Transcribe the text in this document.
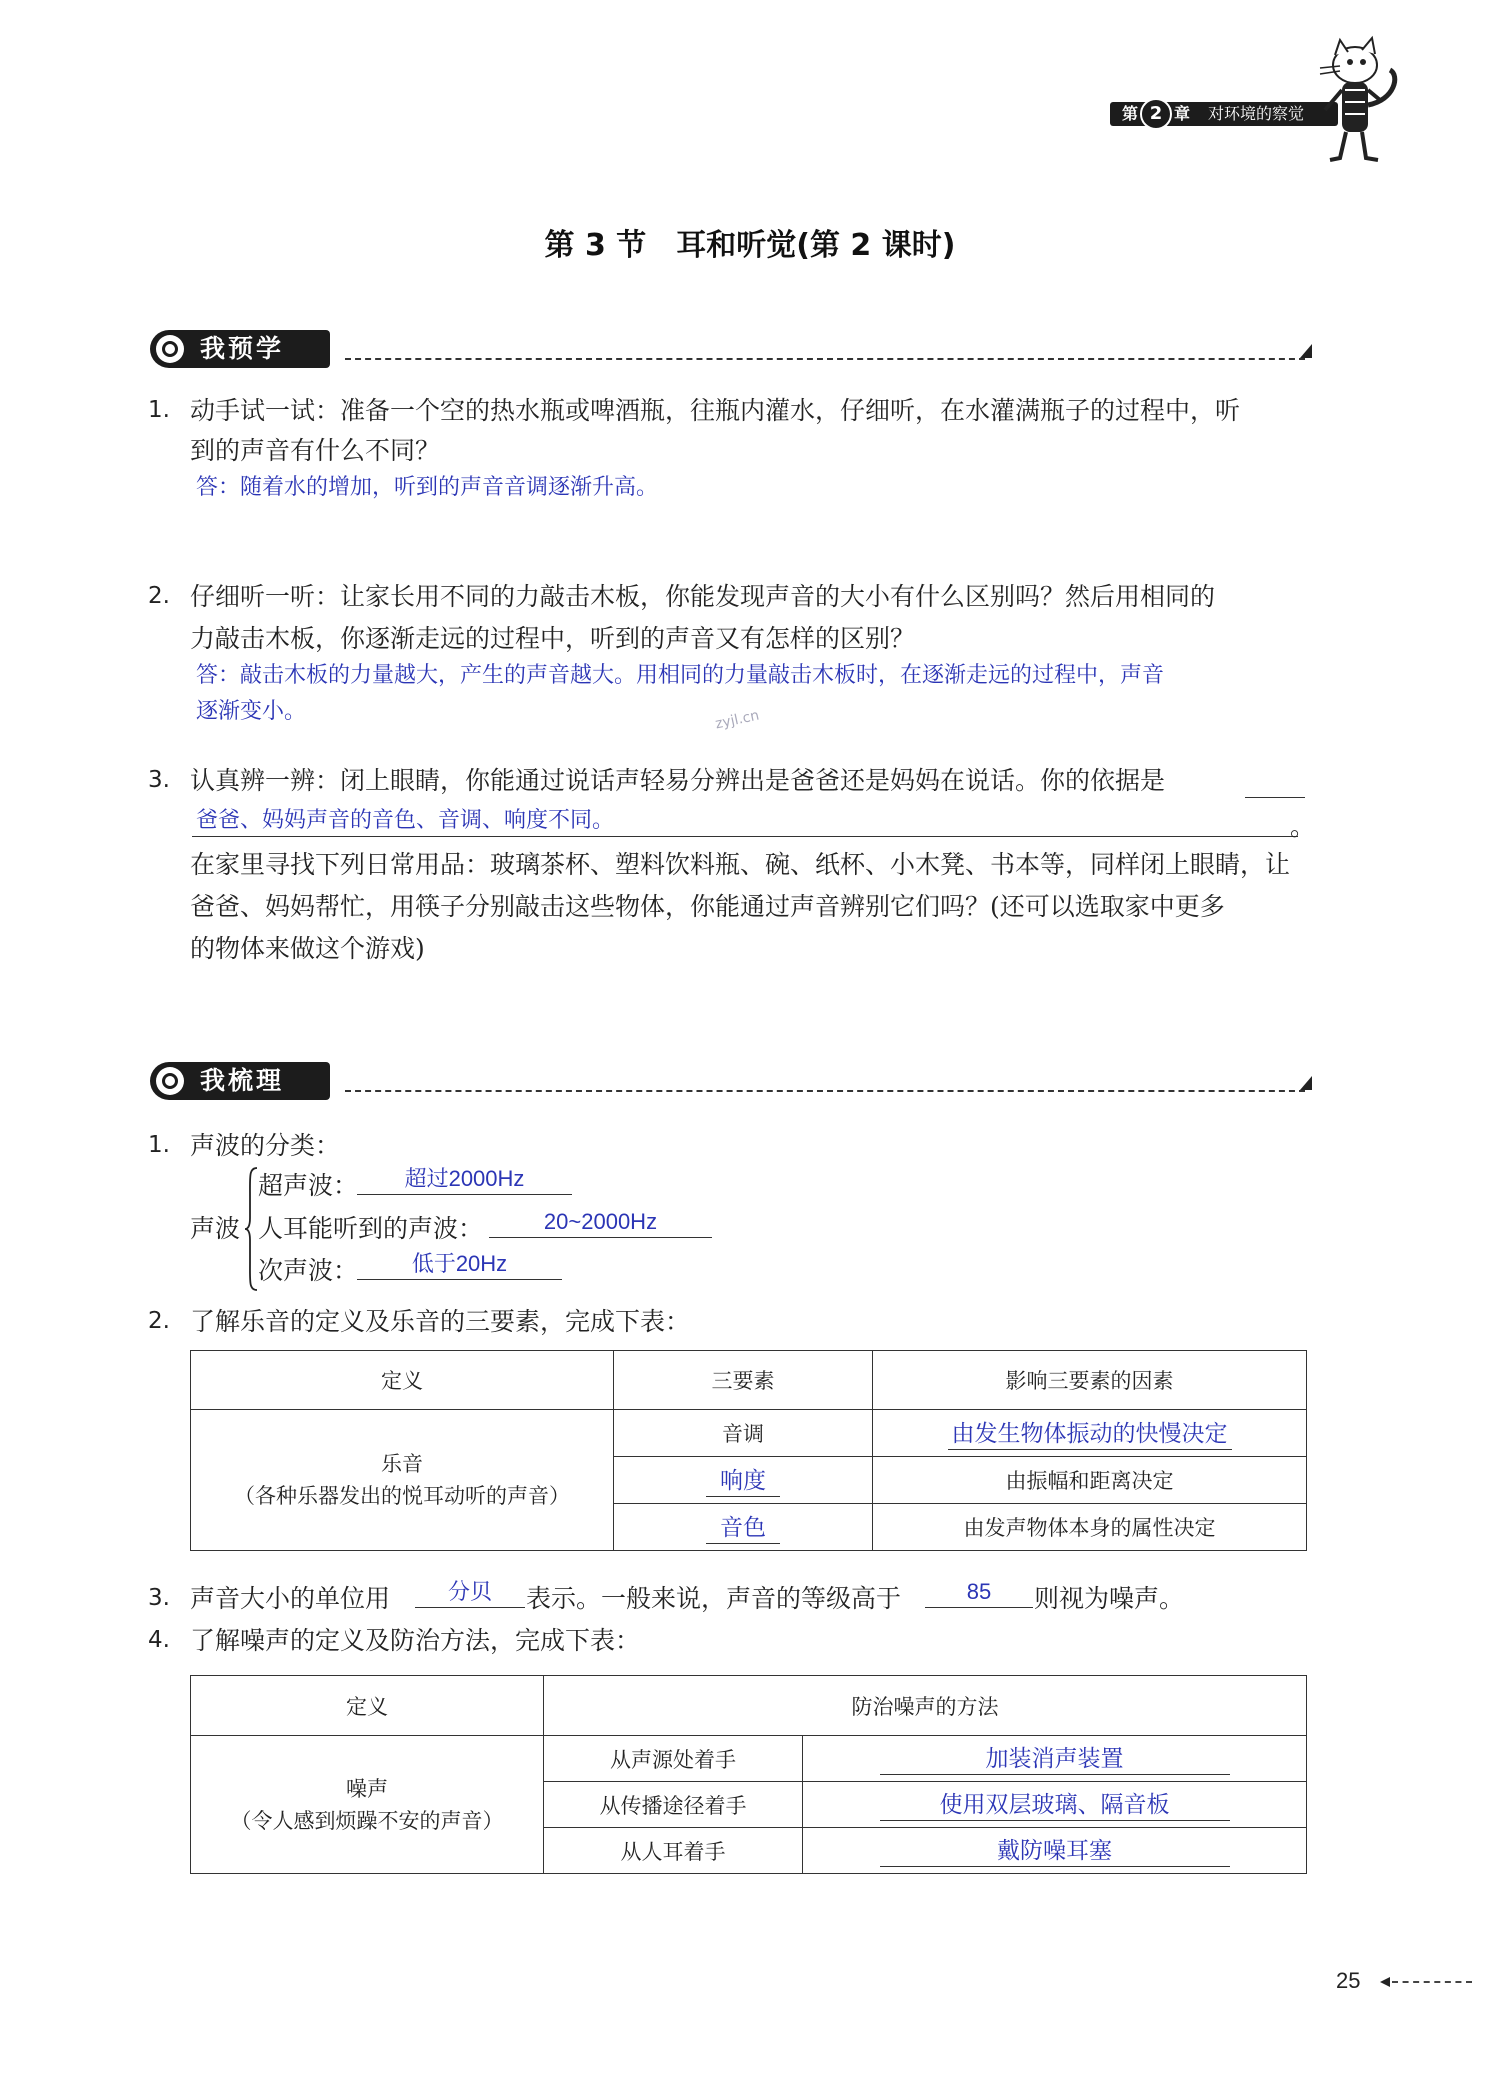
第 2 章 对环境的察觉
第 3 节　耳和听觉(第 2 课时)
我预学
1. 动手试一试：准备一个空的热水瓶或啤酒瓶，往瓶内灌水，仔细听，在水灌满瓶子的过程中，听
到的声音有什么不同？
答：随着水的增加，听到的声音音调逐渐升高。
2. 仔细听一听：让家长用不同的力敲击木板，你能发现声音的大小有什么区别吗？然后用相同的
力敲击木板，你逐渐走远的过程中，听到的声音又有怎样的区别？
答：敲击木板的力量越大，产生的声音越大。用相同的力量敲击木板时，在逐渐走远的过程中，声音
逐渐变小。	zyjl.cn
3. 认真辨一辨：闭上眼睛，你能通过说话声轻易分辨出是爸爸还是妈妈在说话。你的依据是
爸爸、妈妈声音的音色、音调、响度不同。	。
在家里寻找下列日常用品：玻璃茶杯、塑料饮料瓶、碗、纸杯、小木凳、书本等，同样闭上眼睛，让
爸爸、妈妈帮忙，用筷子分别敲击这些物体，你能通过声音辨别它们吗？(还可以选取家中更多
的物体来做这个游戏)
我梳理
1. 声波的分类：
声波
超声波：	超过2000Hz
人耳能听到的声波：	20~2000Hz
次声波：	低于20Hz
2. 了解乐音的定义及乐音的三要素，完成下表：
定义	三要素	影响三要素的因素

乐音
（各种乐器发出的悦耳动听的声音）	音调	由发生物体振动的快慢决定
	响度	由振幅和距离决定
	音色	由发声物体本身的属性决定
3. 声音大小的单位用	分贝	表示。一般来说，声音的等级高于	85	则视为噪声。
4. 了解噪声的定义及防治方法，完成下表：
定义	防治噪声的方法	

噪声
（令人感到烦躁不安的声音）	从声源处着手	加装消声装置
	从传播途径着手	使用双层玻璃、隔音板
	从人耳着手	戴防噪耳塞
25
